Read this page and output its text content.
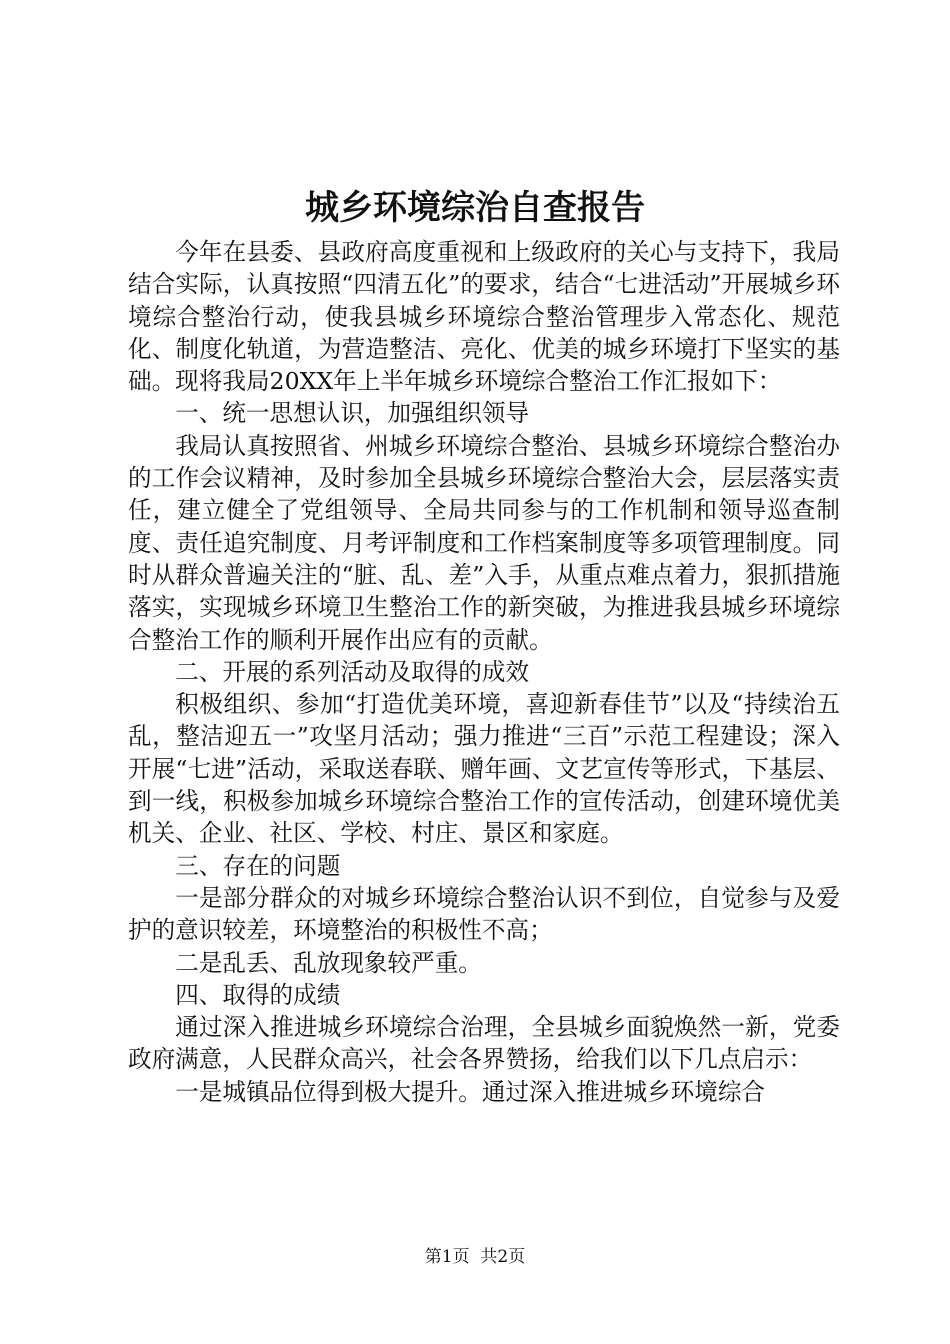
城乡环境综治自查报告

今年在县委、县政府高度重视和上级政府的关心与支持下，我局结合实际，认真按照“四清五化”的要求，结合“七进活动”开展城乡环境综合整治行动，使我县城乡环境综合整治管理步入常态化、规范化、制度化轨道，为营造整洁、亮化、优美的城乡环境打下坚实的基础。现将我局20XX年上半年城乡环境综合整治工作汇报如下：

一、统一思想认识，加强组织领导

我局认真按照省、州城乡环境综合整治、县城乡环境综合整治办的工作会议精神，及时参加全县城乡环境综合整治大会，层层落实责任，建立健全了党组领导、全局共同参与的工作机制和领导巡查制度、责任追究制度、月考评制度和工作档案制度等多项管理制度。同时从群众普遍关注的“脏、乱、差”入手，从重点难点着力，狠抓措施落实，实现城乡环境卫生整治工作的新突破，为推进我县城乡环境综合整治工作的顺利开展作出应有的贡献。

二、开展的系列活动及取得的成效

积极组织、参加“打造优美环境，喜迎新春佳节”以及“持续治五乱，整洁迎五一”攻坚月活动；强力推进“三百”示范工程建设；深入开展“七进”活动，采取送春联、赠年画、文艺宣传等形式，下基层、到一线，积极参加城乡环境综合整治工作的宣传活动，创建环境优美机关、企业、社区、学校、村庄、景区和家庭。

三、存在的问题

一是部分群众的对城乡环境综合整治认识不到位，自觉参与及爱护的意识较差，环境整治的积极性不高；

二是乱丢、乱放现象较严重。

四、取得的成绩

通过深入推进城乡环境综合治理，全县城乡面貌焕然一新，党委政府满意，人民群众高兴，社会各界赞扬，给我们以下几点启示：

一是城镇品位得到极大提升。通过深入推进城乡环境综合

第1页 共2页
